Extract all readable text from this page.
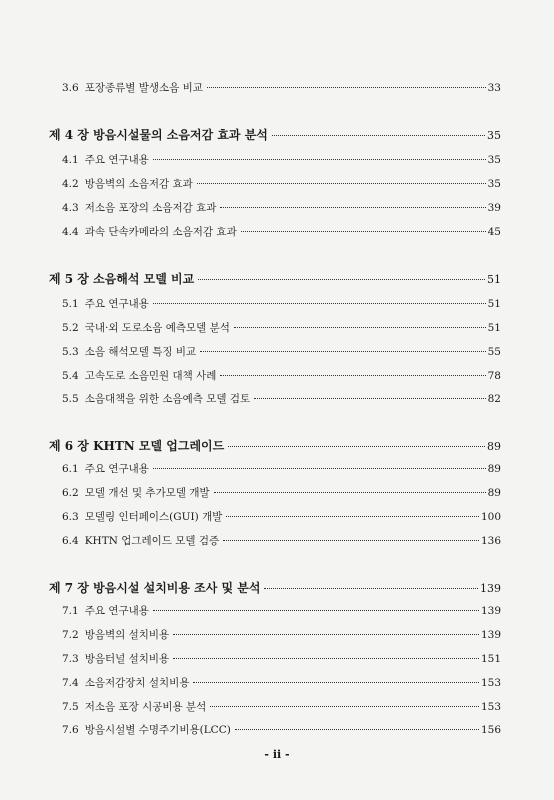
3.6 포장종류별 발생소음 비교	33
제 4 장 방음시설물의 소음저감 효과 분석	35
4.1 주요 연구내용	35
4.2 방음벽의 소음저감 효과	35
4.3 저소음 포장의 소음저감 효과	39
4.4 과속 단속카메라의 소음저감 효과	45
제 5 장 소음해석 모델 비교	51
5.1 주요 연구내용	51
5.2 국내·외 도로소음 예측모델 분석	51
5.3 소음 해석모델 특징 비교	55
5.4 고속도로 소음민원 대책 사례	78
5.5 소음대책을 위한 소음예측 모델 검토	82
제 6 장 KHTN 모델 업그레이드	89
6.1 주요 연구내용	89
6.2 모델 개선 및 추가모델 개발	89
6.3 모델링 인터페이스(GUI) 개발	100
6.4 KHTN 업그레이드 모델 검증	136
제 7 장 방음시설 설치비용 조사 및 분석	139
7.1 주요 연구내용	139
7.2 방음벽의 설치비용	139
7.3 방음터널 설치비용	151
7.4 소음저감장치 설치비용	153
7.5 저소음 포장 시공비용 분석	153
7.6 방음시설별 수명주기비용(LCC)	156
- ii -
